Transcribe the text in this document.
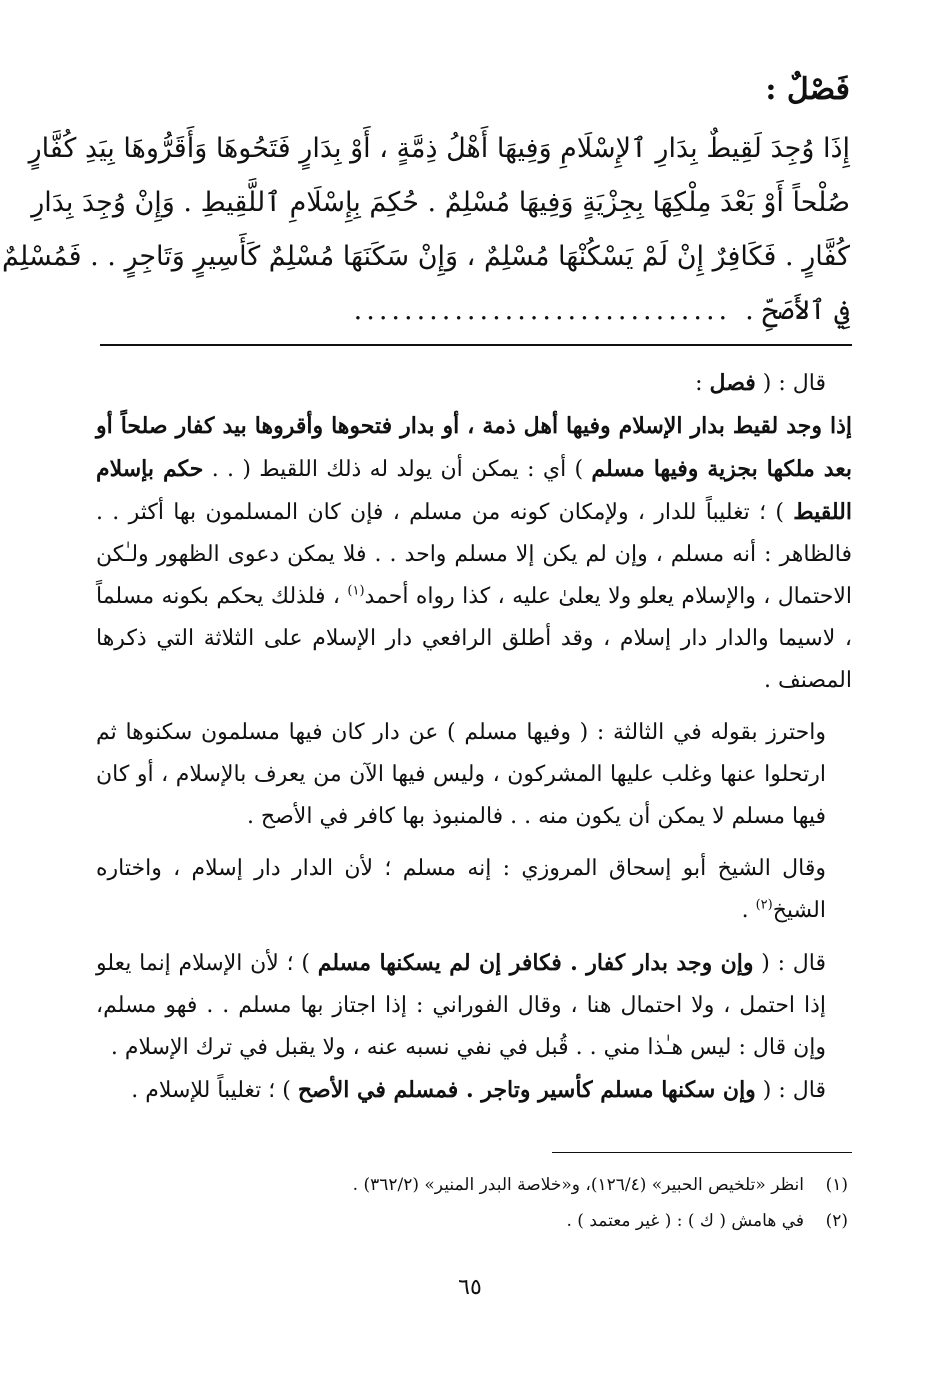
فَصْلٌ :
إِذَا وُجِدَ لَقِيطٌ بِدَارِ ٱلإِسْلَامِ وَفِيهَا أَهْلُ ذِمَّةٍ ، أَوْ بِدَارٍ فَتَحُوهَا وَأَقَرُّوهَا بِيَدِ كُفَّارٍ
صُلْحاً أَوْ بَعْدَ مِلْكِهَا بِجِزْيَةٍ وَفِيهَا مُسْلِمٌ . حُكِمَ بِإِسْلَامِ ٱللَّقِيطِ . وَإِنْ وُجِدَ بِدَارِ
كُفَّارٍ . فَكَافِرٌ إِنْ لَمْ يَسْكُنْهَا مُسْلِمٌ ، وَإِنْ سَكَنَهَا مُسْلِمٌ كَأَسِيرٍ وَتَاجِرٍ . . فَمُسْلِمٌ
فِي ٱلأَصَحِّ ...............................

قال : ( فصل :

إذا وجد لقيط بدار الإسلام وفيها أهل ذمة ، أو بدار فتحوها وأقروها بيد كفار صلحاً أو بعد ملكها بجزية وفيها مسلم ) أي : يمكن أن يولد له ذلك اللقيط ( . . حكم بإسلام اللقيط ) ؛ تغليباً للدار ، ولإمكان كونه من مسلم ، فإن كان المسلمون بها أكثر . . فالظاهر : أنه مسلم ، وإن لم يكن إلا مسلم واحد . . فلا يمكن دعوى الظهور ولـٰكن الاحتمال ، والإسلام يعلو ولا يعلىٰ عليه ، كذا رواه أحمد$^{(١)}$ ، فلذلك يحكم بكونه مسلماً ، لاسيما والدار دار إسلام ، وقد أطلق الرافعي دار الإسلام على الثلاثة التي ذكرها المصنف .

واحترز بقوله في الثالثة : ( وفيها مسلم ) عن دار كان فيها مسلمون سكنوها ثم ارتحلوا عنها وغلب عليها المشركون ، وليس فيها الآن من يعرف بالإسلام ، أو كان فيها مسلم لا يمكن أن يكون منه . . فالمنبوذ بها كافر في الأصح .

وقال الشيخ أبو إسحاق المروزي : إنه مسلم ؛ لأن الدار دار إسلام ، واختاره الشيخ$^{(٢)}$ .

قال : ( وإن وجد بدار كفار . فكافر إن لم يسكنها مسلم ) ؛ لأن الإسلام إنما يعلو إذا احتمل ، ولا احتمال هنا ، وقال الفوراني : إذا اجتاز بها مسلم . . فهو مسلم، وإن قال : ليس هـٰذا مني . . قُبل في نفي نسبه عنه ، ولا يقبل في ترك الإسلام .

قال : ( وإن سكنها مسلم كأسير وتاجر . فمسلم في الأصح ) ؛ تغليباً للإسلام .

(١)
انظر «تلخيص الحبير» (١٢٦/٤)، و«خلاصة البدر المنير» (٣٦٢/٢) .
(٢)
في هامش ( ك ) : ( غير معتمد ) .
٦٥
